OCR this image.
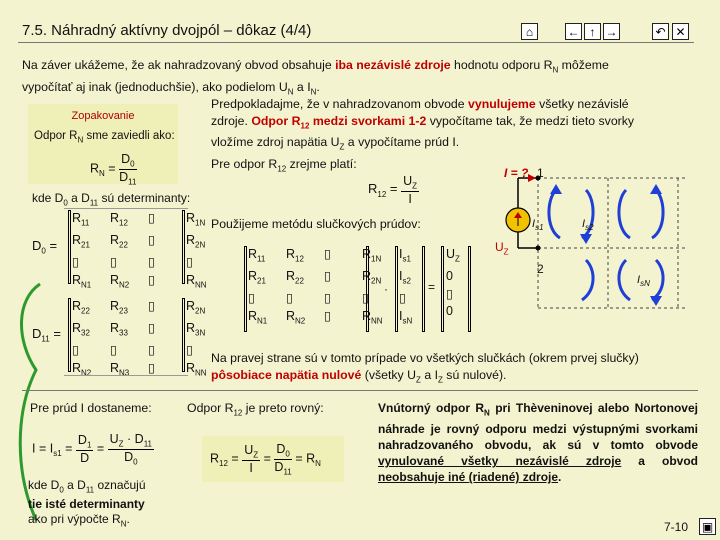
7.5. Náhradný aktívny dvojpól – dôkaz (4/4)	⌂	← ↑ →	↶ ✕
Na záver ukážeme, že ak nahradzovaný obvod obsahuje iba nezávislé zdroje hodnotu odporu $R_N$ môžeme
vypočítať aj inak (jednoduchšie), ako podielom $U_N$ a $I_N$.
Zopakovanie
Odpor $R_N$ sme zaviedli ako:
$R_N = \frac{D_0}{D_{11}}$
kde $D_0$ a $D_{11}$ sú determinanty:
$D_0$ =
$R_{11}$	$R_{12}$	▯	$R_{1N}$
$R_{21}$	$R_{22}$	▯	$R_{2N}$
▯	▯	▯	▯
$R_{N1}$	$R_{N2}$	▯	$R_{NN}$
$D_{11}$ =
$R_{22}$	$R_{23}$	▯	$R_{2N}$
$R_{32}$	$R_{33}$	▯	$R_{3N}$
▯	▯	▯	▯
$R_{N2}$	$R_{N3}$	▯	$R_{NN}$
Predpokladajme, že v nahradzovanom obvode vynulujeme všetky nezávislé
zdroje. Odpor $R_{12}$ medzi svorkami 1-2 vypočítame tak, že medzi tieto svorky
vložíme zdroj napätia $U_Z$ a vypočítame prúd I.
Pre odpor $R_{12}$ zrejme platí:
$R_{12} = \frac{U_Z}{I}$
Použijeme metódu slučkových prúdov:
I = ? 1
2
$U_Z$
$I_{s1}$	$I_{s2}$
$I_{sN}$
$R_{11}$	$R_{12}$	▯	$R_{1N}$
$R_{21}$	$R_{22}$	▯	$R_{2N}$
▯	▯	▯	▯
$R_{N1}$	$R_{N2}$	▯	$R_{NN}$
·
$I_{s1}$
$I_{s2}$
▯
$I_{sN}$
=
$U_Z$
0
▯
0
Na pravej strane sú v tomto prípade vo všetkých slučkách (okrem prvej slučky)
pôsobiace napätia nulové (všetky $U_Z$ a $I_Z$ sú nulové).
Pre prúd I dostaneme:
$I = I_{s1} = \frac{D_1}{D} = \frac{U_Z \cdot D_{11}}{D_0}$
kde $D_0$ a $D_{11}$ označujú
tie isté determinanty
ako pri výpočte $R_N$.
Odpor $R_{12}$ je preto rovný:
$R_{12} = \frac{U_Z}{I} = \frac{D_0}{D_{11}} = R_N$
Vnútorný odpor $R_N$ pri Thèveninovej alebo Nortonovej náhrade je rovný odporu medzi výstupnými svorkami nahradzovaného obvodu, ak sú v tomto obvode vynulované všetky nezávislé zdroje a obvod neobsahuje iné (riadené) zdroje.
7-10 ▣
